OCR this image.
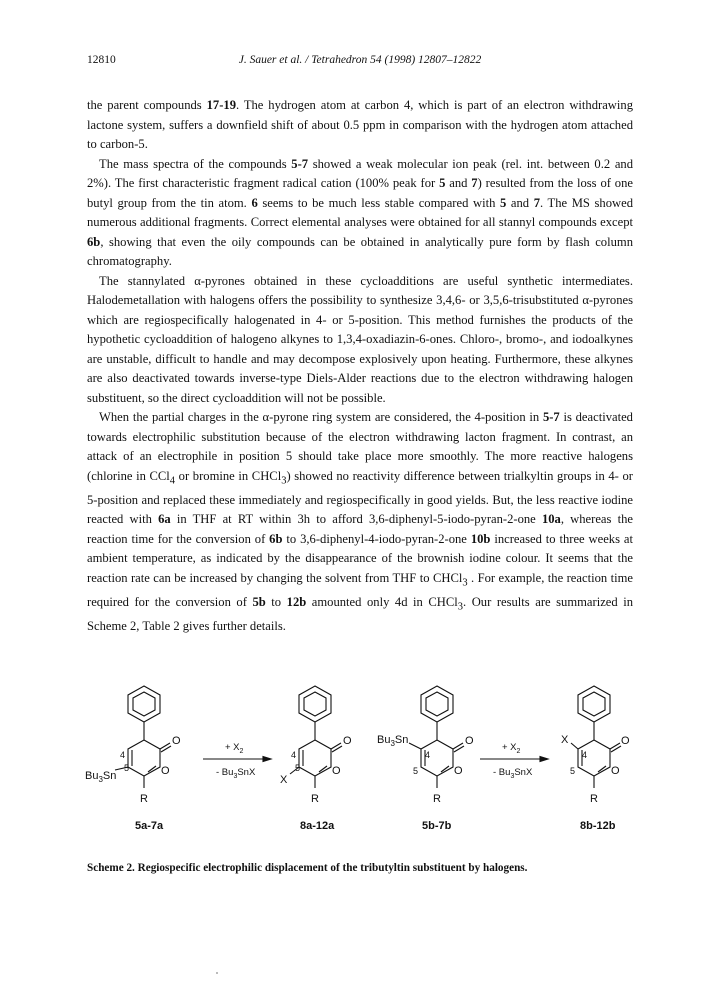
12810	J. Sauer et al. / Tetrahedron 54 (1998) 12807–12822

the parent compounds 17-19. The hydrogen atom at carbon 4, which is part of an electron withdrawing lactone system, suffers a downfield shift of about 0.5 ppm in comparison with the hydrogen atom attached to carbon-5.

The mass spectra of the compounds 5-7 showed a weak molecular ion peak (rel. int. between 0.2 and 2%). The first characteristic fragment radical cation (100% peak for 5 and 7) resulted from the loss of one butyl group from the tin atom. 6 seems to be much less stable compared with 5 and 7. The MS showed numerous additional fragments. Correct elemental analyses were obtained for all stannyl compounds except 6b, showing that even the oily compounds can be obtained in analytically pure form by flash column chromatography.

The stannylated α-pyrones obtained in these cycloadditions are useful synthetic intermediates. Halodemetallation with halogens offers the possibility to synthesize 3,4,6- or 3,5,6-trisubstituted α-pyrones which are regiospecifically halogenated in 4- or 5-position. This method furnishes the products of the hypothetic cycloaddition of halogeno alkynes to 1,3,4-oxadiazin-6-ones. Chloro-, bromo-, and iodoalkynes are unstable, difficult to handle and may decompose explosively upon heating. Furthermore, these alkynes are also deactivated towards inverse-type Diels-Alder reactions due to the electron withdrawing halogen substituent, so the direct cycloaddition will not be possible.

When the partial charges in the α-pyrone ring system are considered, the 4-position in 5-7 is deactivated towards electrophilic substitution because of the electron withdrawing lacton fragment. In contrast, an attack of an electrophile in position 5 should take place more smoothly. The more reactive halogens (chlorine in CCl$_4$ or bromine in CHCl$_3$) showed no reactivity difference between trialkyltin groups in 4- or 5-position and replaced these immediately and regiospecifically in good yields. But, the less reactive iodine reacted with 6a in THF at RT within 3h to afford 3,6-diphenyl-5-iodo-pyran-2-one 10a, whereas the reaction time for the conversion of 6b to 3,6-diphenyl-4-iodo-pyran-2-one 10b increased to three weeks at ambient temperature, as indicated by the disappearance of the brownish iodine colour. It seems that the reaction rate can be increased by changing the solvent from THF to CHCl$_3$ . For example, the reaction time required for the conversion of 5b to 12b amounted only 4d in CHCl$_3$. Our results are summarized in Scheme 2, Table 2 gives further details.

O
O
4
5
R
$Bu_3Sn$
5a-7a
+ $X_2$
- $Bu_3SnX$
O
O
4
5
R
X
8a-12a
O
O
4
5
R
$Bu_3Sn$
5b-7b
+ $X_2$
- $Bu_3SnX$
O
O
4
5
R
X
8b-12b
Scheme 2. Regiospecific electrophilic displacement of the tributyltin substituent by halogens.
